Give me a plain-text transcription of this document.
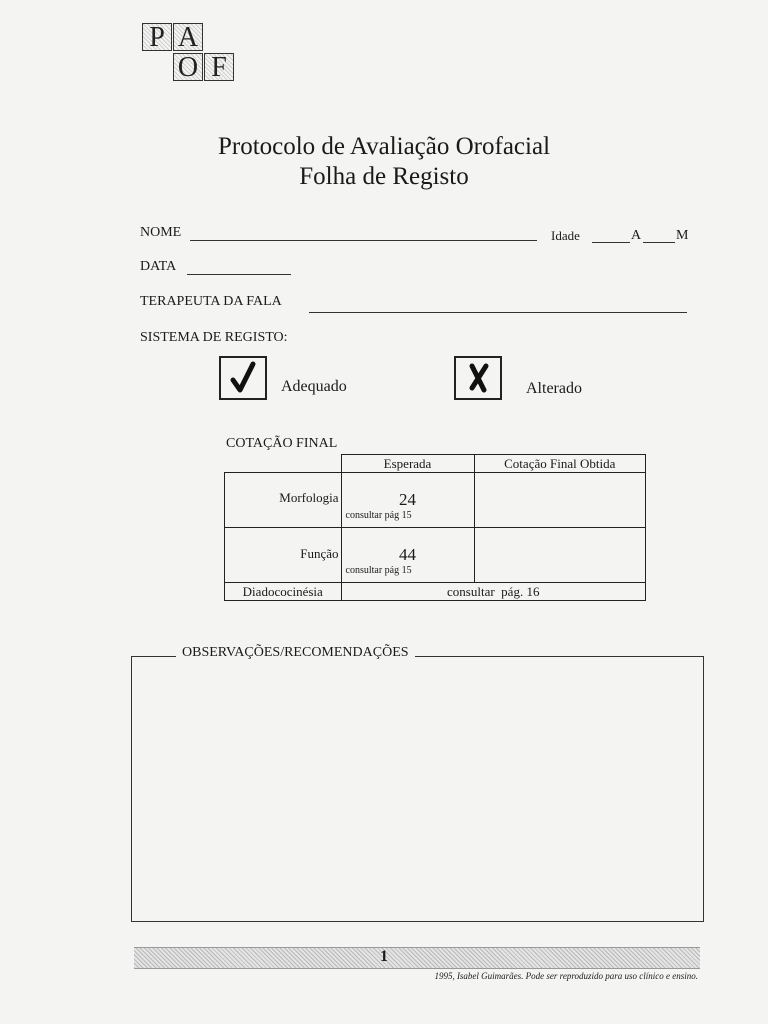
P A
O F
Protocolo de Avaliação Orofacial
Folha de Registo
NOME	Idade	A M
DATA
TERAPEUTA DA FALA
SISTEMA DE REGISTO:
Adequado	Alterado
COTAÇÃO FINAL
	Esperada	Cotação Final Obtida
Morfologia	24
consultar pág 15	

Função	44
consultar pág 15	

Diadococinésia	consultar  pág. 16	
OBSERVAÇÕES/RECOMENDAÇÕES
1
1995, Isabel Guimarães. Pode ser reproduzido para uso clínico e ensino.
